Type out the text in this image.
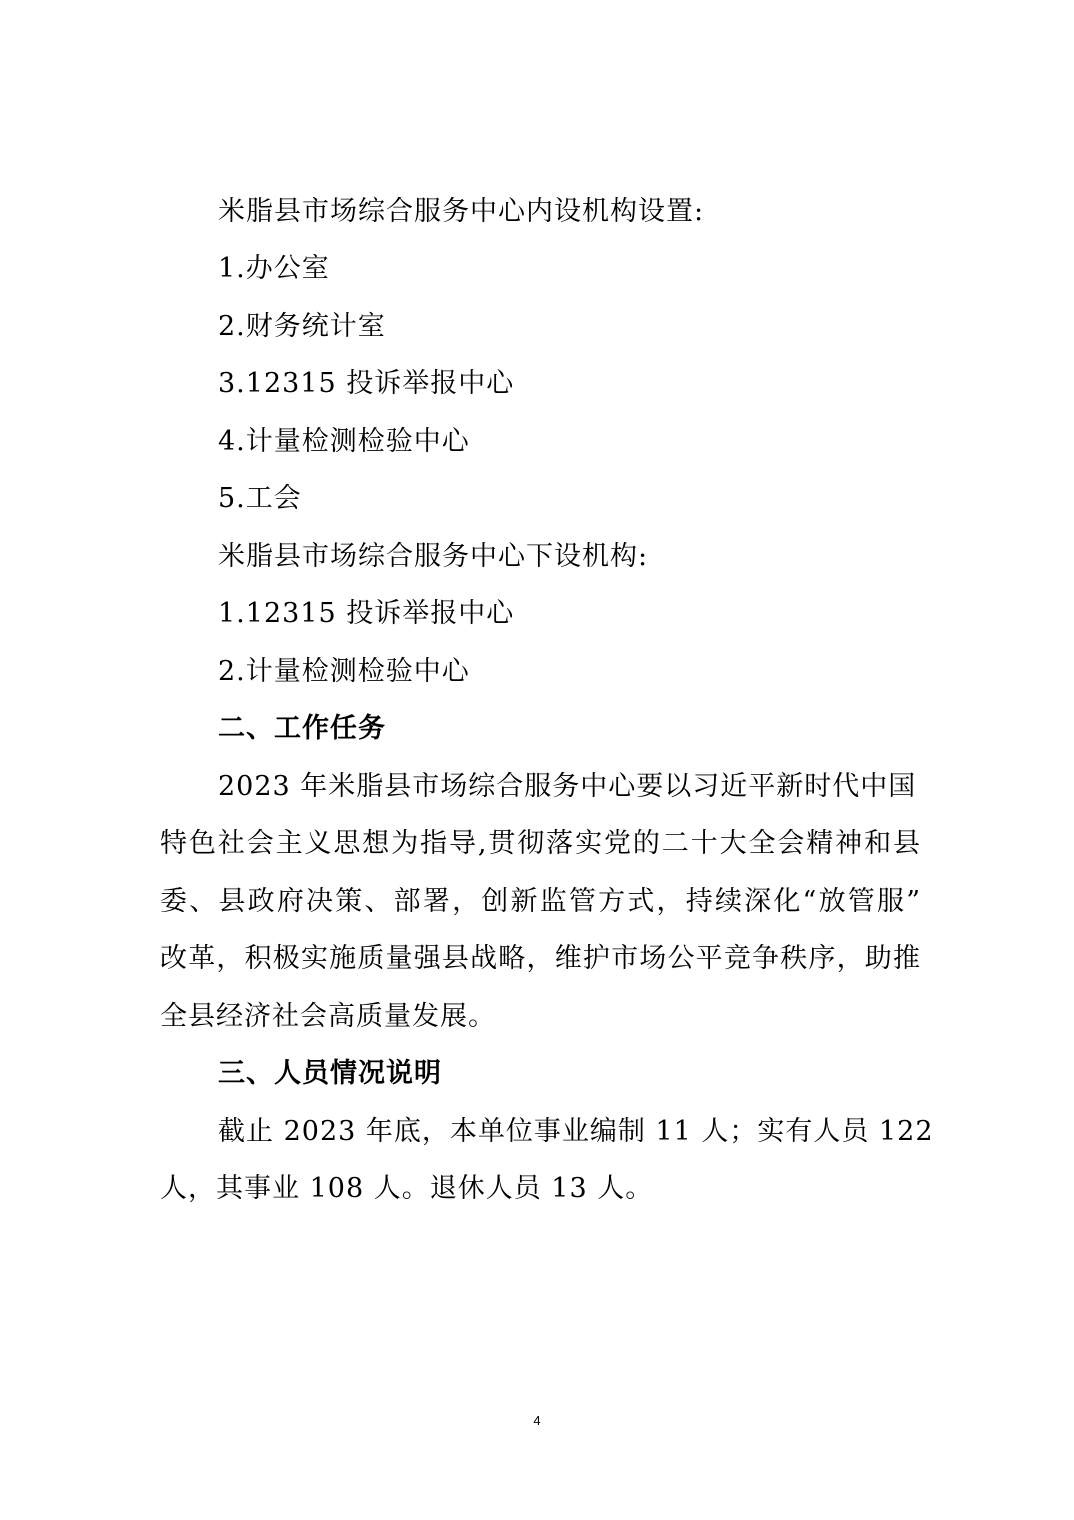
米脂县市场综合服务中心内设机构设置:
1.办公室
2.财务统计室
3.12315 投诉举报中心
4.计量检测检验中心
5.工会
米脂县市场综合服务中心下设机构:
1.12315 投诉举报中心
2.计量检测检验中心
二、工作任务
2023 年米脂县市场综合服务中心要以习近平新时代中国
特色社会主义思想为指导,贯彻落实党的二十大全会精神和县
委、县政府决策、部署，创新监管方式，持续深化“放管服”
改革，积极实施质量强县战略，维护市场公平竞争秩序，助推
全县经济社会高质量发展。
三、人员情况说明
截止 2023 年底，本单位事业编制 11 人；实有人员 122
人，其事业 108 人。退休人员 13 人。
4
